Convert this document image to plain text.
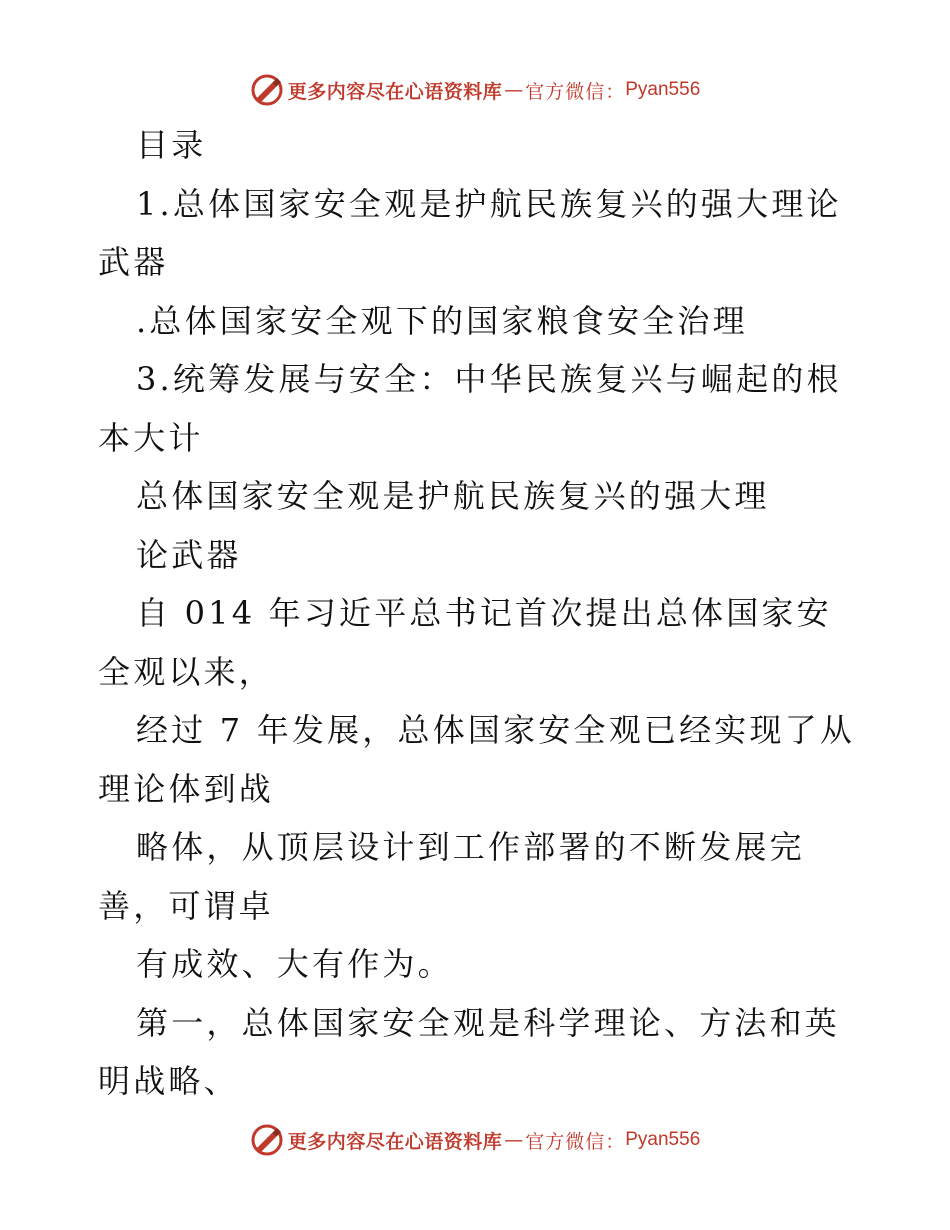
更多内容尽在心语资料库 — 官方微信： Pyan556

目录

1.总体国家安全观是护航民族复兴的强大理论武器

.总体国家安全观下的国家粮食安全治理

3.统筹发展与安全：中华民族复兴与崛起的根本大计

总体国家安全观是护航民族复兴的强大理

论武器

自 014 年习近平总书记首次提出总体国家安全观以来，

经过 7 年发展，总体国家安全观已经实现了从理论体到战

略体，从顶层设计到工作部署的不断发展完善，可谓卓

有成效、大有作为。

第一，总体国家安全观是科学理论、方法和英明战略、

更多内容尽在心语资料库 — 官方微信： Pyan556
